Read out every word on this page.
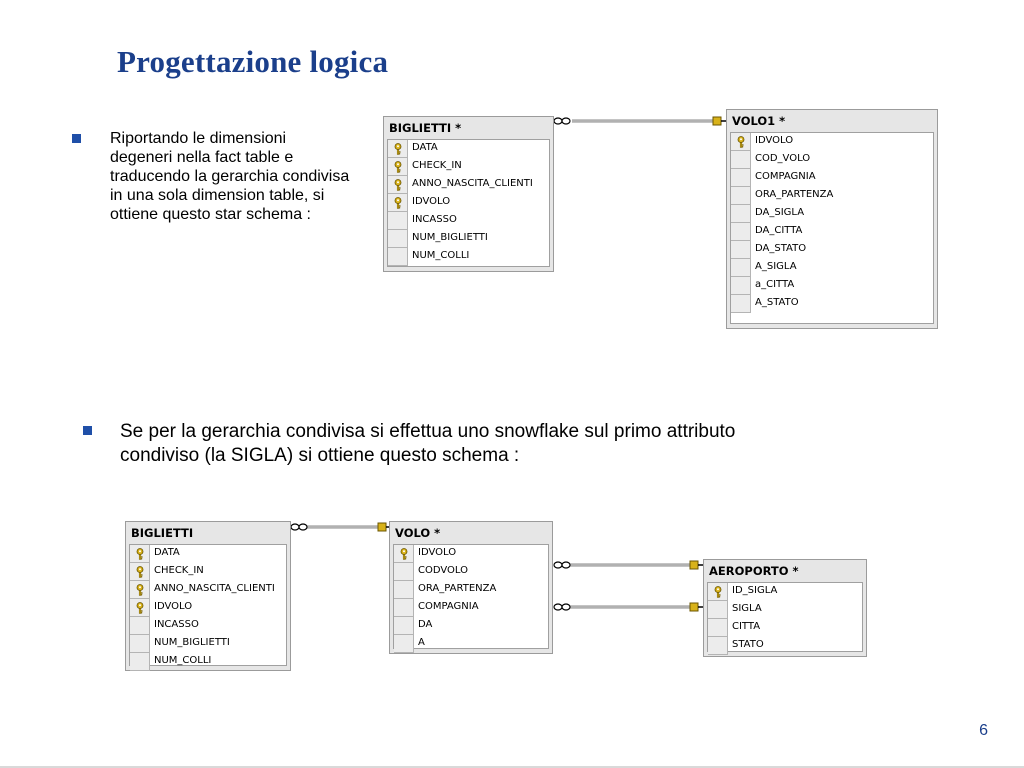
Progettazione logica
Riportando le dimensioni degeneri nella fact table e traducendo la gerarchia condivisa in una sola dimension table, si ottiene questo star schema :
Se per la gerarchia condivisa si effettua uno snowflake sul primo attributo condiviso (la SIGLA) si ottiene questo schema :
BIGLIETTI *
DATA
CHECK_IN
ANNO_NASCITA_CLIENTI
IDVOLO
INCASSO
NUM_BIGLIETTI
NUM_COLLI
VOLO1 *
IDVOLO
COD_VOLO
COMPAGNIA
ORA_PARTENZA
DA_SIGLA
DA_CITTA
DA_STATO
A_SIGLA
a_CITTA
A_STATO
BIGLIETTI
DATA
CHECK_IN
ANNO_NASCITA_CLIENTI
IDVOLO
INCASSO
NUM_BIGLIETTI
NUM_COLLI
VOLO *
IDVOLO
CODVOLO
ORA_PARTENZA
COMPAGNIA
DA
A
AEROPORTO *
ID_SIGLA
SIGLA
CITTA
STATO
6
